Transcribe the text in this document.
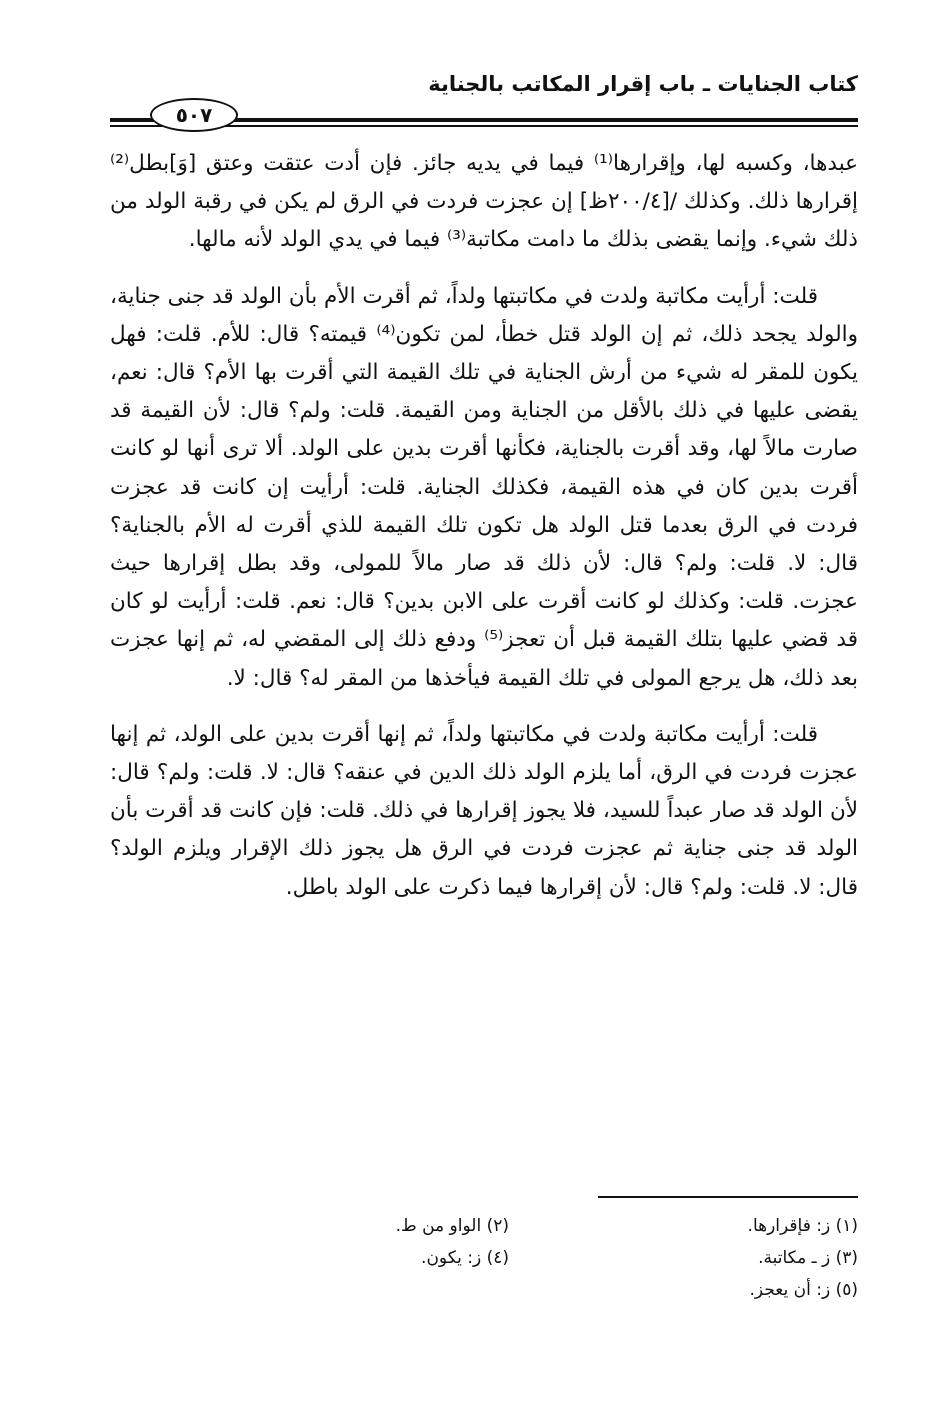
كتاب الجنايات ـ باب إقرار المكاتب بالجناية
٥٠٧

عبدها، وكسبه لها، وإقرارها⁽¹⁾ فيما في يديه جائز. فإن أدت عتقت وعتق [وَ]بطل⁽²⁾ إقرارها ذلك. وكذلك /[٢٠٠/٤ظ] إن عجزت فردت في الرق لم يكن في رقبة الولد من ذلك شيء. وإنما يقضى بذلك ما دامت مكاتبة⁽³⁾ فيما في يدي الولد لأنه مالها.

قلت: أرأيت مكاتبة ولدت في مكاتبتها ولداً، ثم أقرت الأم بأن الولد قد جنى جناية، والولد يجحد ذلك، ثم إن الولد قتل خطأ، لمن تكون⁽⁴⁾ قيمته؟ قال: للأم. قلت: فهل يكون للمقر له شيء من أرش الجناية في تلك القيمة التي أقرت بها الأم؟ قال: نعم، يقضى عليها في ذلك بالأقل من الجناية ومن القيمة. قلت: ولم؟ قال: لأن القيمة قد صارت مالاً لها، وقد أقرت بالجناية، فكأنها أقرت بدين على الولد. ألا ترى أنها لو كانت أقرت بدين كان في هذه القيمة، فكذلك الجناية. قلت: أرأيت إن كانت قد عجزت فردت في الرق بعدما قتل الولد هل تكون تلك القيمة للذي أقرت له الأم بالجناية؟ قال: لا. قلت: ولم؟ قال: لأن ذلك قد صار مالاً للمولى، وقد بطل إقرارها حيث عجزت. قلت: وكذلك لو كانت أقرت على الابن بدين؟ قال: نعم. قلت: أرأيت لو كان قد قضي عليها بتلك القيمة قبل أن تعجز⁽⁵⁾ ودفع ذلك إلى المقضي له، ثم إنها عجزت بعد ذلك، هل يرجع المولى في تلك القيمة فيأخذها من المقر له؟ قال: لا.

قلت: أرأيت مكاتبة ولدت في مكاتبتها ولداً، ثم إنها أقرت بدين على الولد، ثم إنها عجزت فردت في الرق، أما يلزم الولد ذلك الدين في عنقه؟ قال: لا. قلت: ولم؟ قال: لأن الولد قد صار عبداً للسيد، فلا يجوز إقرارها في ذلك. قلت: فإن كانت قد أقرت بأن الولد قد جنى جناية ثم عجزت فردت في الرق هل يجوز ذلك الإقرار ويلزم الولد؟ قال: لا. قلت: ولم؟ قال: لأن إقرارها فيما ذكرت على الولد باطل.

(١) ز: فإقرارها.
(٢) الواو من ط.
(٣) ز ـ مكاتبة.
(٤) ز: يكون.
(٥) ز: أن يعجز.
